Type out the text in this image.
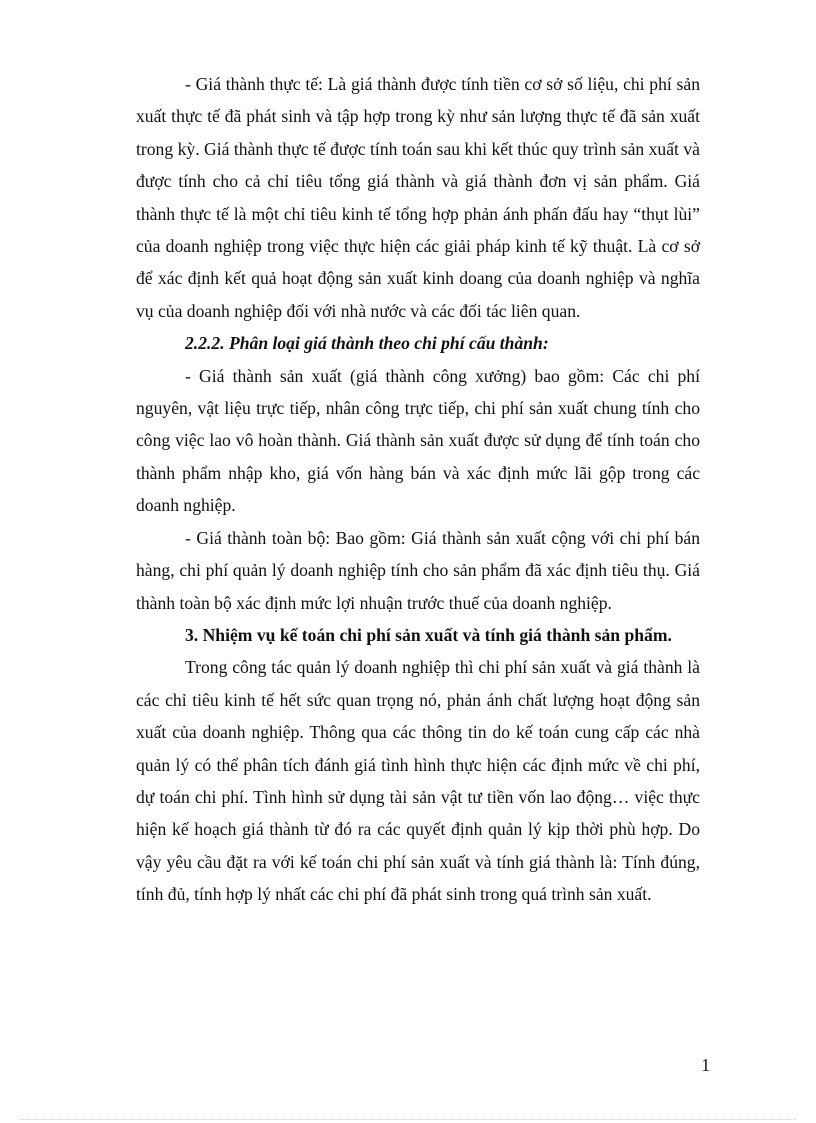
- Giá thành thực tế: Là giá thành được tính tiền cơ sở số liệu, chi phí sản xuất thực tế đã phát sinh và tập hợp trong kỳ như sản lượng thực tế đã sản xuất trong kỳ. Giá thành thực tế được tính toán sau khi kết thúc quy trình sản xuất và được tính cho cả chỉ tiêu tổng giá thành và giá thành đơn vị sản phẩm. Giá thành thực tế là một chỉ tiêu kinh tế tổng hợp phản ánh phấn đấu hay “thụt lùi” của doanh nghiệp trong việc thực hiện các giải pháp kinh tế kỹ thuật. Là cơ sở để xác định kết quả hoạt động sản xuất kinh doang của doanh nghiệp và nghĩa vụ của doanh nghiệp đối với nhà nước và các đối tác liên quan.

2.2.2. Phân loại giá thành theo chi phí cấu thành:

- Giá thành sản xuất (giá thành công xưởng) bao gồm: Các chi phí nguyên, vật liệu trực tiếp, nhân công trực tiếp, chi phí sản xuất chung tính cho công việc lao vô hoàn thành. Giá thành sản xuất được sử dụng để tính toán cho thành phẩm nhập kho, giá vốn hàng bán và xác định mức lãi gộp trong các doanh nghiệp.

- Giá thành toàn bộ: Bao gồm: Giá thành sản xuất cộng với chi phí bán hàng, chi phí quản lý doanh nghiệp tính cho sản phẩm đã xác định tiêu thụ. Giá thành toàn bộ xác định mức lợi nhuận trước thuế của doanh nghiệp.

3. Nhiệm vụ kế toán chi phí sản xuất và tính giá thành sản phẩm.

Trong công tác quản lý doanh nghiệp thì chi phí sản xuất và giá thành là các chỉ tiêu kinh tế hết sức quan trọng nó, phản ánh chất lượng hoạt động sản xuất của doanh nghiệp. Thông qua các thông tin do kế toán cung cấp các nhà quản lý có thể phân tích đánh giá tình hình thực hiện các định mức về chi phí, dự toán chi phí. Tình hình sử dụng tài sản vật tư tiền vốn lao động… việc thực hiện kế hoạch giá thành từ đó ra các quyết định quản lý kịp thời phù hợp. Do vậy yêu cầu đặt ra với kế toán chi phí sản xuất và tính giá thành là: Tính đúng, tính đủ, tính hợp lý nhất các chi phí đã phát sinh trong quá trình sản xuất.

1
